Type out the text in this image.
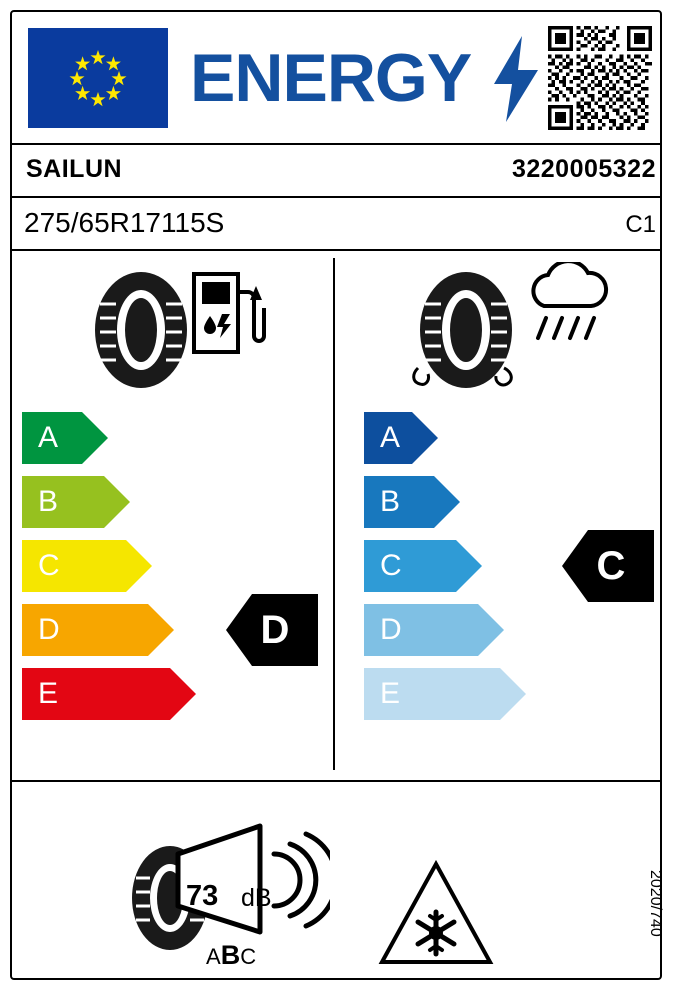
ENERGY
SAILUN	3220005322
275/65R17115S	C1
A
B
C
D
E
D
A
B
C
D
E
C
73 dB
ABC
2020/740
